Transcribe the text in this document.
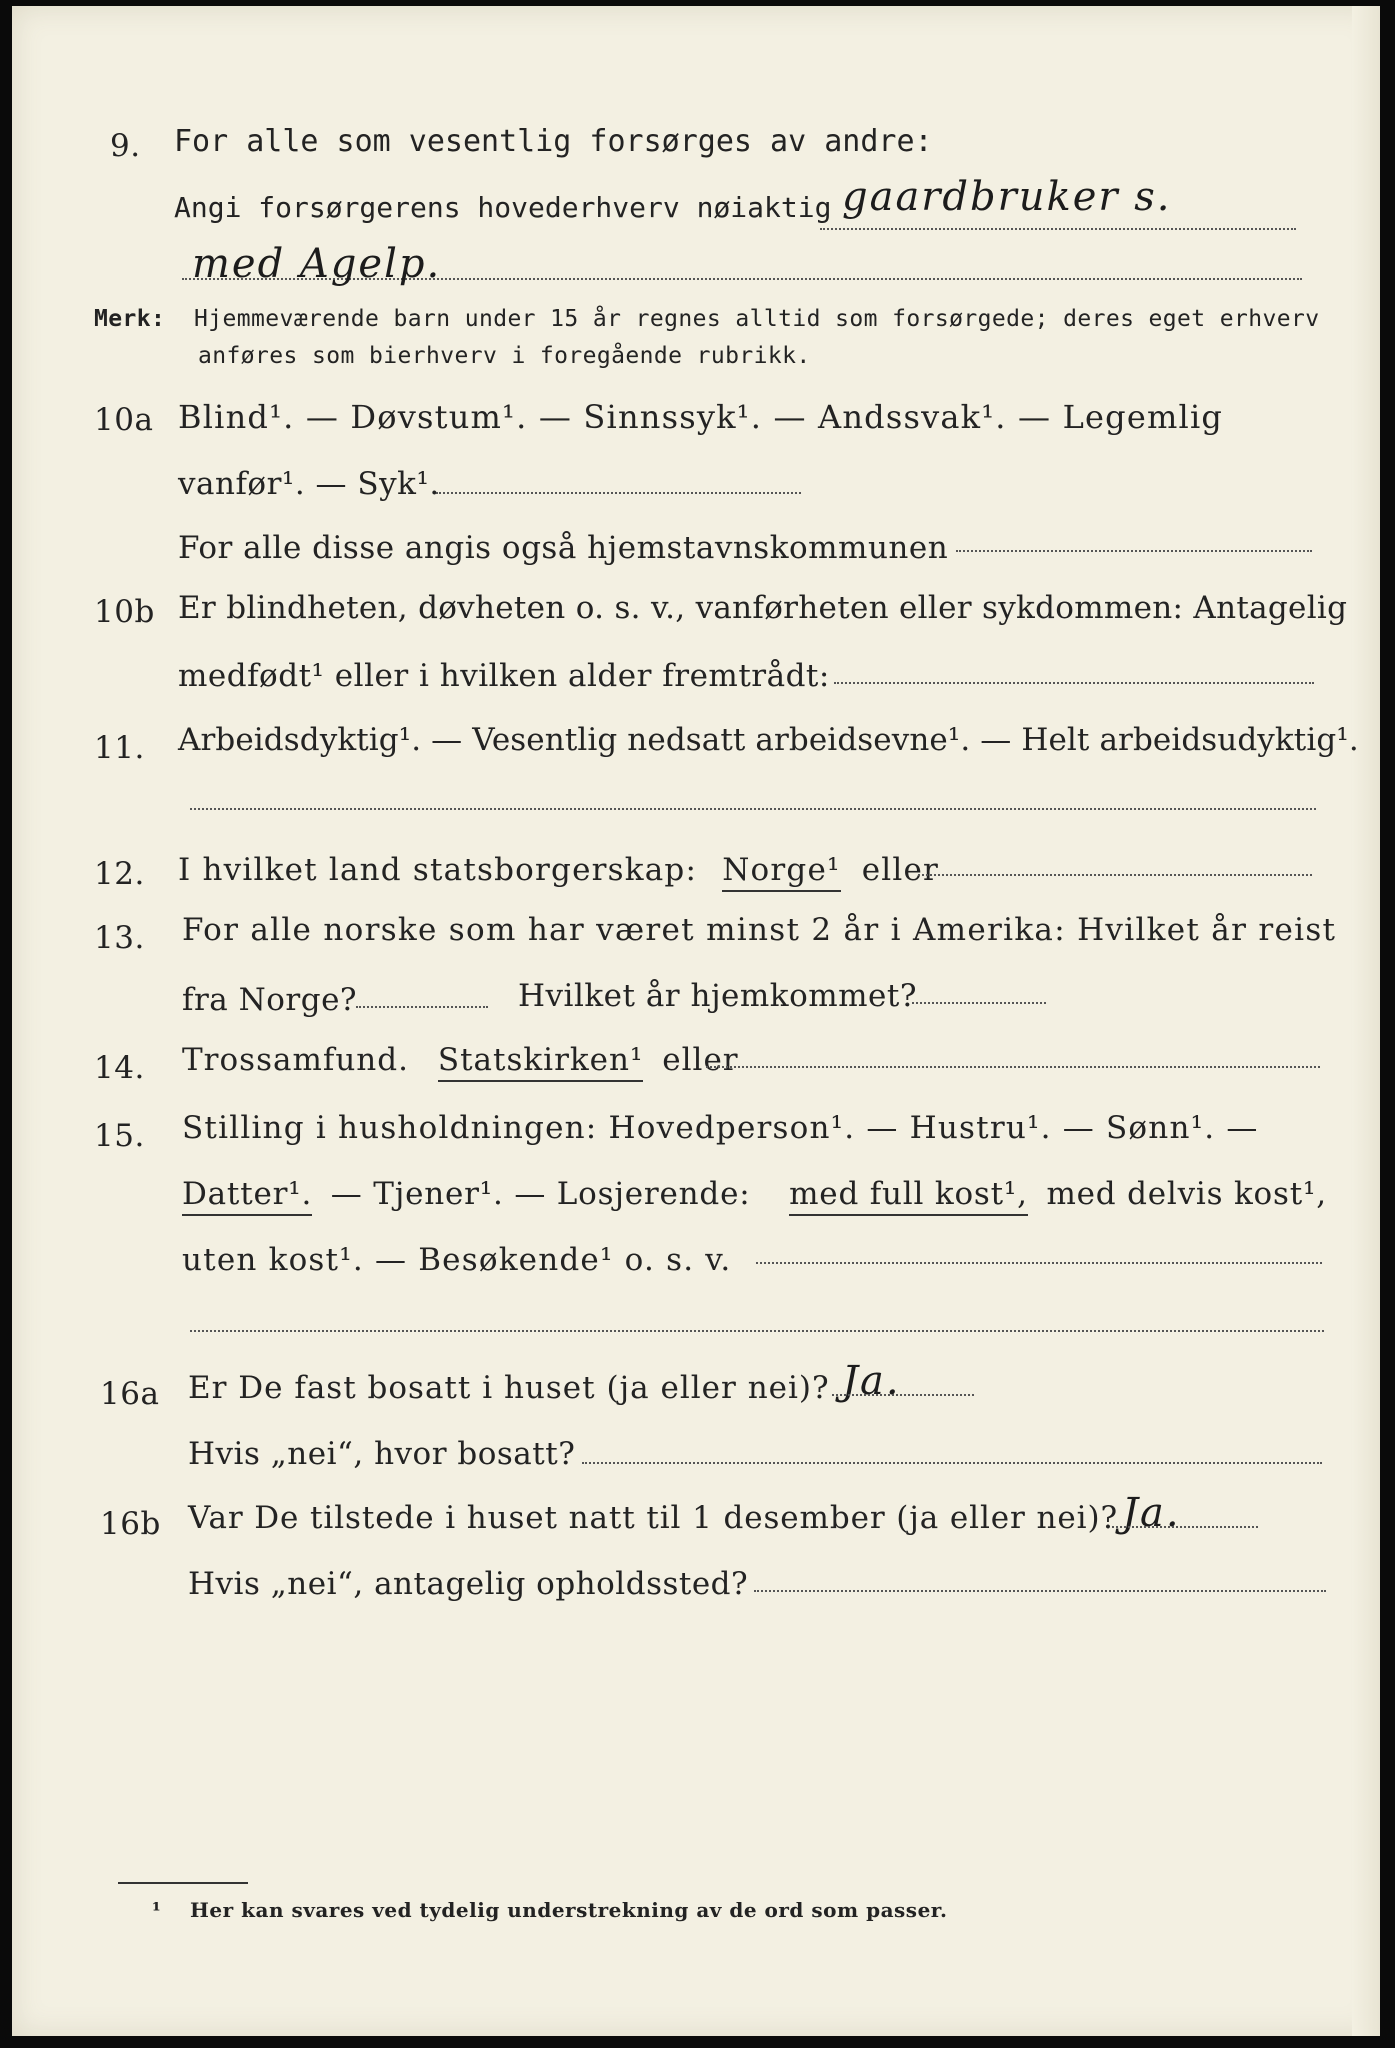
9. For alle som vesentlig forsørges av andre:
Angi forsørgerens hovederhverv nøiaktig gaardbruker s.
med Agelp.
Merk: Hjemmeværende barn under 15 år regnes alltid som forsørgede; deres eget erhverv
anføres som bierhverv i foregående rubrikk.
10a Blind¹. — Døvstum¹. — Sinnssyk¹. — Andssvak¹. — Legemlig
vanfør¹. — Syk¹.
For alle disse angis også hjemstavnskommunen
10b Er blindheten, døvheten o. s. v., vanførheten eller sykdommen: Antagelig
medfødt¹ eller i hvilken alder fremtrådt:
11. Arbeidsdyktig¹. — Vesentlig nedsatt arbeidsevne¹. — Helt arbeidsudyktig¹.
12. I hvilket land statsborgerskap: Norge¹ eller
13. For alle norske som har været minst 2 år i Amerika: Hvilket år reist
fra Norge?	Hvilket år hjemkommet?
14. Trossamfund. Statskirken¹ eller
15. Stilling i husholdningen: Hovedperson¹. — Hustru¹. — Sønn¹. —
Datter¹. — Tjener¹. — Losjerende: med full kost¹, med delvis kost¹,
uten kost¹. — Besøkende¹ o. s. v.
16a Er De fast bosatt i huset (ja eller nei)? Ja.
Hvis „nei“, hvor bosatt?
16b Var De tilstede i huset natt til 1 desember (ja eller nei)? Ja.
Hvis „nei“, antagelig opholdssted?
¹ Her kan svares ved tydelig understrekning av de ord som passer.
